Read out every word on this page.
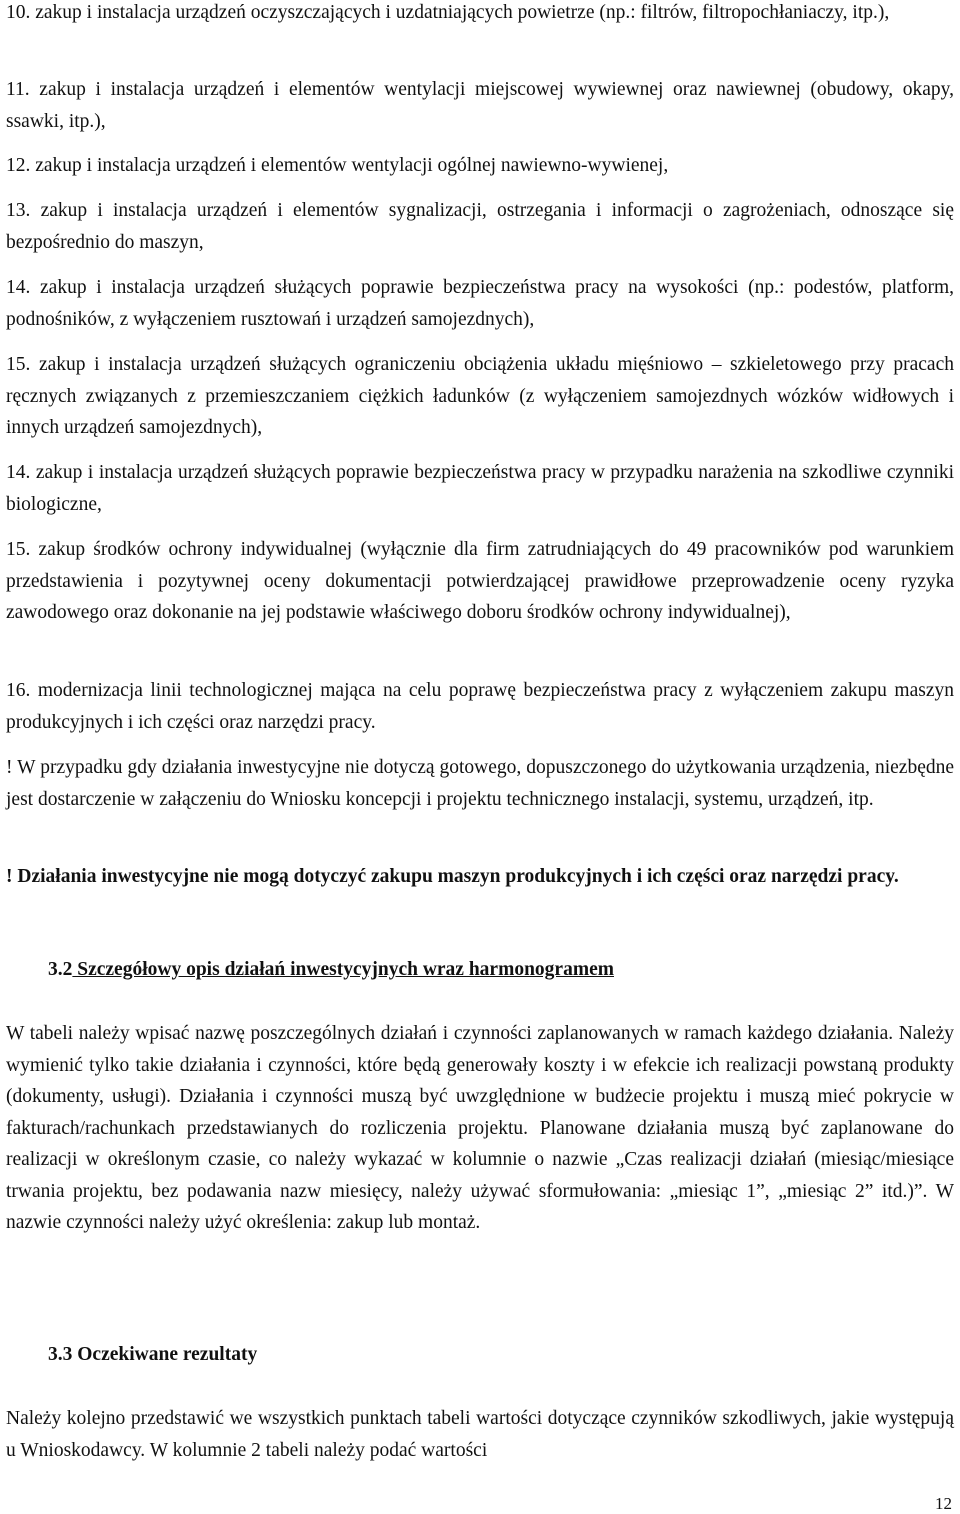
10. zakup i instalacja urządzeń oczyszczających i uzdatniających powietrze (np.: filtrów, filtropochłaniaczy, itp.),

11. zakup i instalacja urządzeń i elementów wentylacji miejscowej wywiewnej oraz nawiewnej (obudowy, okapy, ssawki, itp.),

12. zakup i instalacja urządzeń i elementów wentylacji ogólnej nawiewno-wywienej,

13. zakup i instalacja urządzeń i elementów sygnalizacji, ostrzegania i informacji o zagrożeniach, odnoszące się bezpośrednio do maszyn,

14. zakup i instalacja urządzeń służących poprawie bezpieczeństwa pracy na wysokości (np.: podestów, platform, podnośników, z wyłączeniem rusztowań i urządzeń samojezdnych),

15. zakup i instalacja urządzeń służących ograniczeniu obciążenia układu mięśniowo – szkieletowego przy pracach ręcznych związanych z przemieszczaniem ciężkich ładunków (z wyłączeniem samojezdnych wózków widłowych i innych urządzeń samojezdnych),

14. zakup i instalacja urządzeń służących poprawie bezpieczeństwa pracy w przypadku narażenia na szkodliwe czynniki biologiczne,

15. zakup środków ochrony indywidualnej (wyłącznie dla firm zatrudniających do 49 pracowników pod warunkiem przedstawienia i pozytywnej oceny dokumentacji potwierdzającej prawidłowe przeprowadzenie oceny ryzyka zawodowego oraz dokonanie na jej podstawie właściwego doboru środków ochrony indywidualnej),

16. modernizacja linii technologicznej mająca na celu poprawę bezpieczeństwa pracy z wyłączeniem zakupu maszyn produkcyjnych i ich części oraz narzędzi pracy.

! W przypadku gdy działania inwestycyjne nie dotyczą gotowego, dopuszczonego do użytkowania urządzenia, niezbędne jest dostarczenie w załączeniu do Wniosku koncepcji i projektu technicznego instalacji, systemu, urządzeń, itp.

! Działania inwestycyjne nie mogą dotyczyć zakupu maszyn produkcyjnych i ich części oraz narzędzi pracy.

3.2 Szczegółowy opis działań inwestycyjnych wraz harmonogramem

W tabeli należy wpisać nazwę poszczególnych działań i czynności zaplanowanych w ramach każdego działania. Należy wymienić tylko takie działania i czynności, które będą generowały koszty i w efekcie ich realizacji powstaną produkty (dokumenty, usługi). Działania i czynności muszą być uwzględnione w budżecie projektu i muszą mieć pokrycie w fakturach/rachunkach przedstawianych do rozliczenia projektu. Planowane działania muszą być zaplanowane do realizacji w określonym czasie, co należy wykazać w kolumnie o nazwie „Czas realizacji działań (miesiąc/miesiące trwania projektu, bez podawania nazw miesięcy, należy używać sformułowania: „miesiąc 1”, „miesiąc 2” itd.)”. W nazwie czynności należy użyć określenia: zakup lub montaż.

3.3 Oczekiwane rezultaty

Należy kolejno przedstawić we wszystkich punktach tabeli wartości dotyczące czynników szkodliwych, jakie występują u Wnioskodawcy. W kolumnie 2 tabeli należy podać wartości

12
